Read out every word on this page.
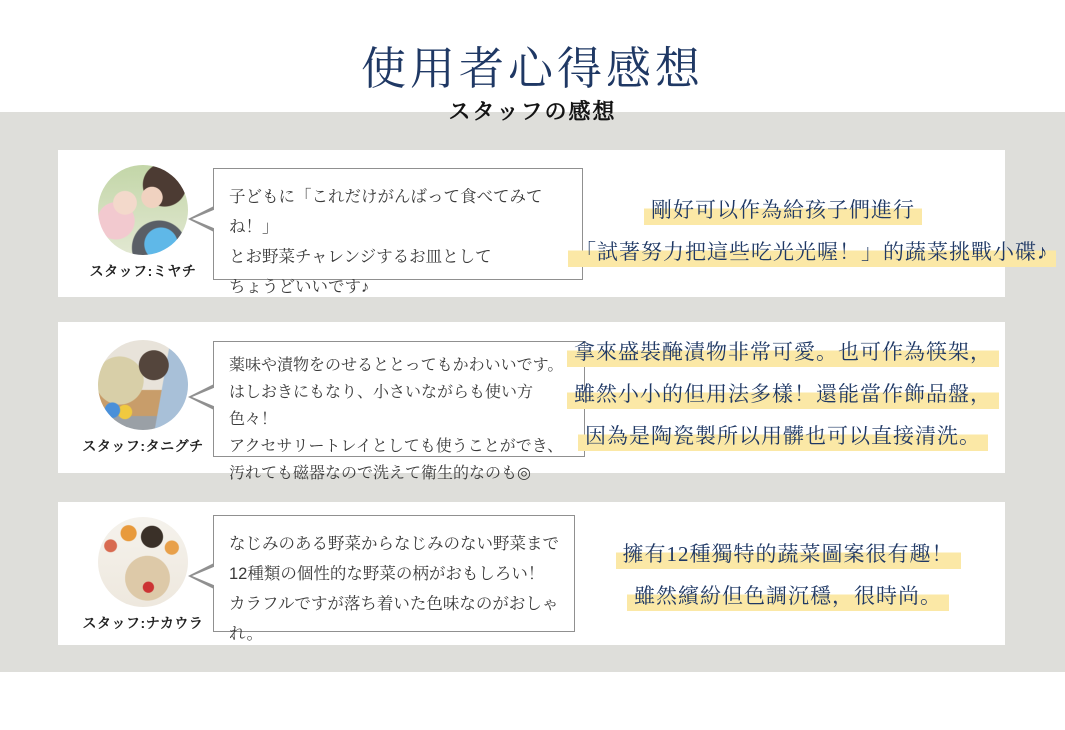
使用者心得感想
スタッフの感想
スタッフ:ミヤチ
子どもに「これだけがんばって食べてみてね！」
とお野菜チャレンジするお皿として
ちょうどいいです♪
剛好可以作為給孩子們進行
「試著努力把這些吃光光喔！」的蔬菜挑戰小碟♪
スタッフ:タニグチ
薬味や漬物をのせるととってもかわいいです。
はしおきにもなり、小さいながらも使い方色々！
アクセサリートレイとしても使うことができ、
汚れても磁器なので洗えて衛生的なのも◎
拿來盛裝醃漬物非常可愛。也可作為筷架，
雖然小小的但用法多樣！還能當作飾品盤，
因為是陶瓷製所以用髒也可以直接清洗。
スタッフ:ナカウラ
なじみのある野菜からなじみのない野菜まで
12種類の個性的な野菜の柄がおもしろい！
カラフルですが落ち着いた色味なのがおしゃれ。
擁有12種獨特的蔬菜圖案很有趣！
雖然繽紛但色調沉穩，很時尚。
